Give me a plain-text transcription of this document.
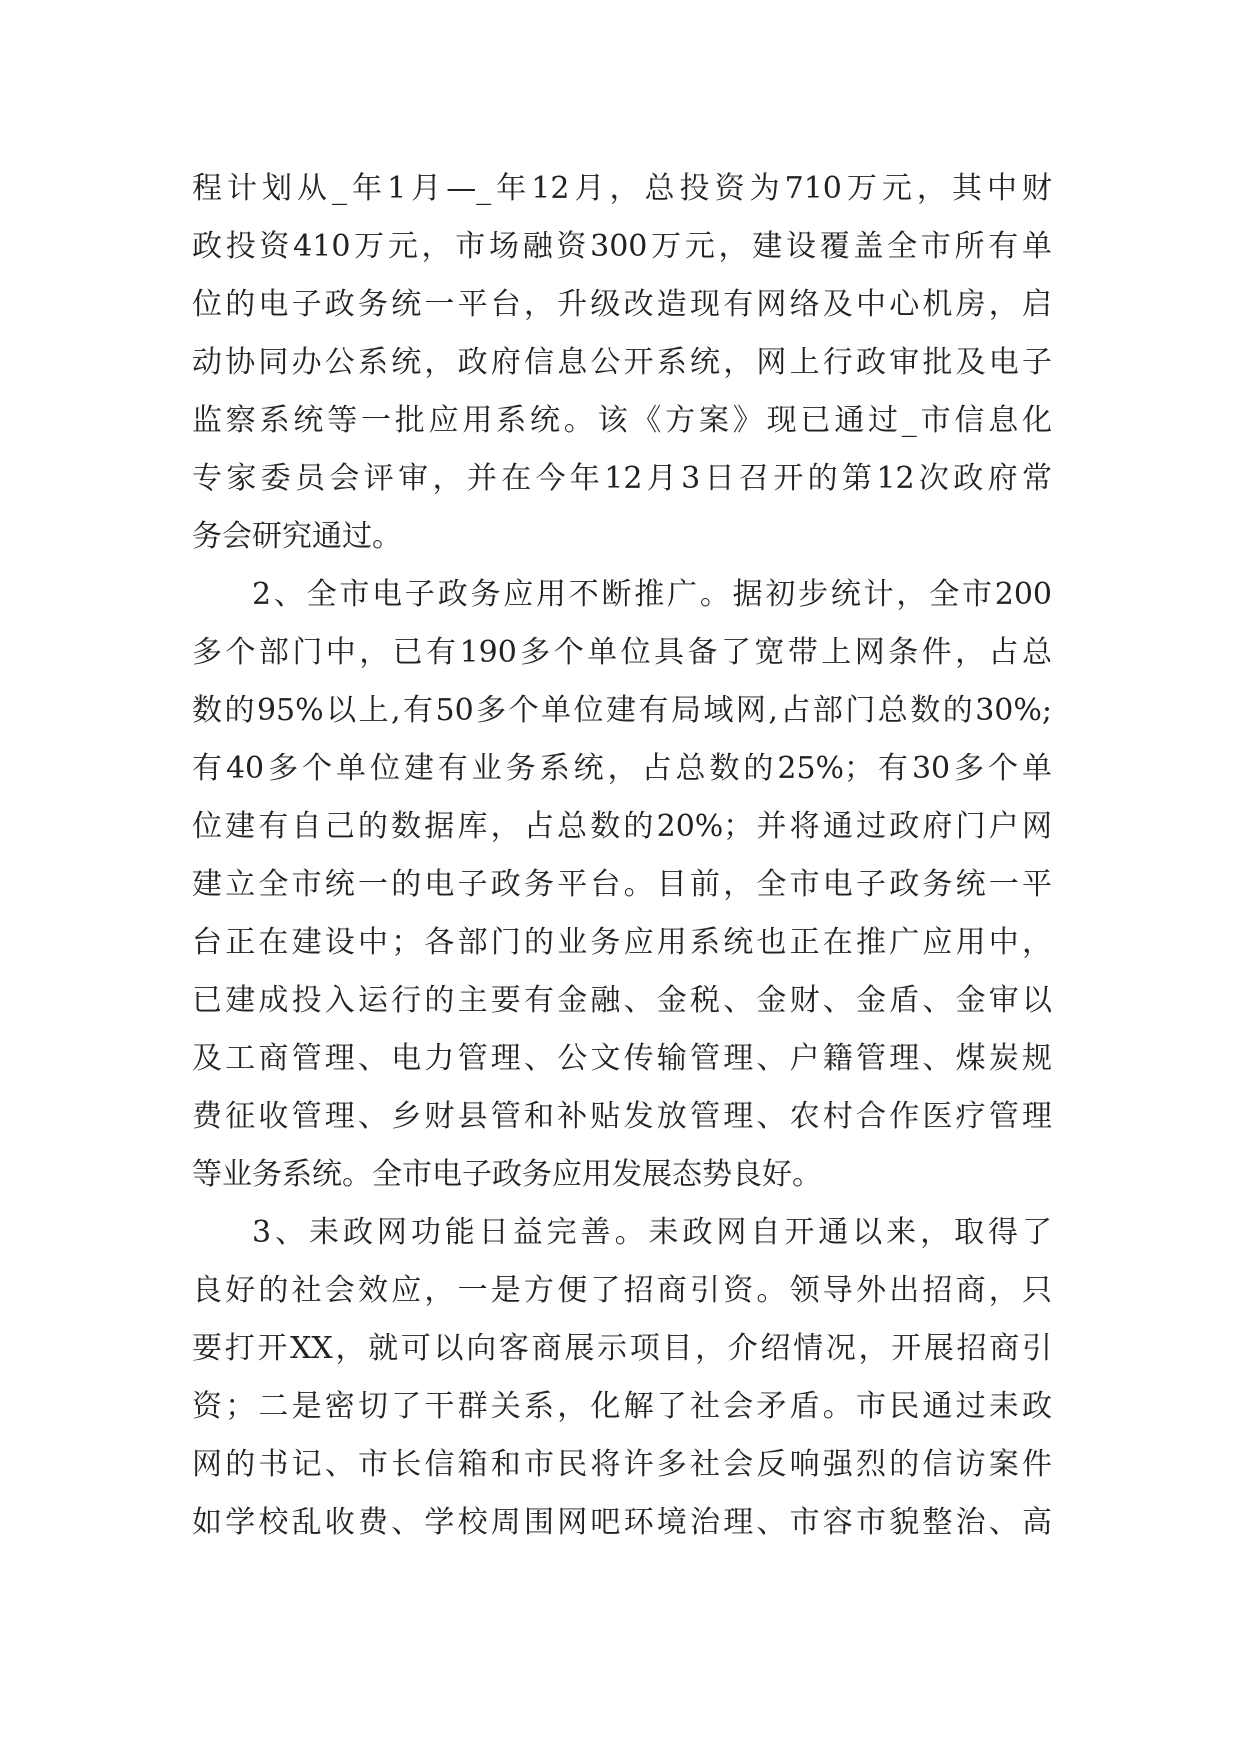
程计划从_年1月—_年12月，总投资为710万元，其中财
政投资410万元，市场融资300万元，建设覆盖全市所有单
位的电子政务统一平台，升级改造现有网络及中心机房，启
动协同办公系统，政府信息公开系统，网上行政审批及电子
监察系统等一批应用系统。该《方案》现已通过_市信息化
专家委员会评审，并在今年12月3日召开的第12次政府常
务会研究通过。
2、全市电子政务应用不断推广。据初步统计，全市200
多个部门中，已有190多个单位具备了宽带上网条件，占总
数的95%以上,有50多个单位建有局域网,占部门总数的30%;
有40多个单位建有业务系统，占总数的25%；有30多个单
位建有自己的数据库，占总数的20%；并将通过政府门户网
建立全市统一的电子政务平台。目前，全市电子政务统一平
台正在建设中；各部门的业务应用系统也正在推广应用中，
已建成投入运行的主要有金融、金税、金财、金盾、金审以
及工商管理、电力管理、公文传输管理、户籍管理、煤炭规
费征收管理、乡财县管和补贴发放管理、农村合作医疗管理
等业务系统。全市电子政务应用发展态势良好。
3、耒政网功能日益完善。耒政网自开通以来，取得了
良好的社会效应，一是方便了招商引资。领导外出招商，只
要打开XX，就可以向客商展示项目，介绍情况，开展招商引
资；二是密切了干群关系，化解了社会矛盾。市民通过耒政
网的书记、市长信箱和市民将许多社会反响强烈的信访案件
如学校乱收费、学校周围网吧环境治理、市容市貌整治、高
